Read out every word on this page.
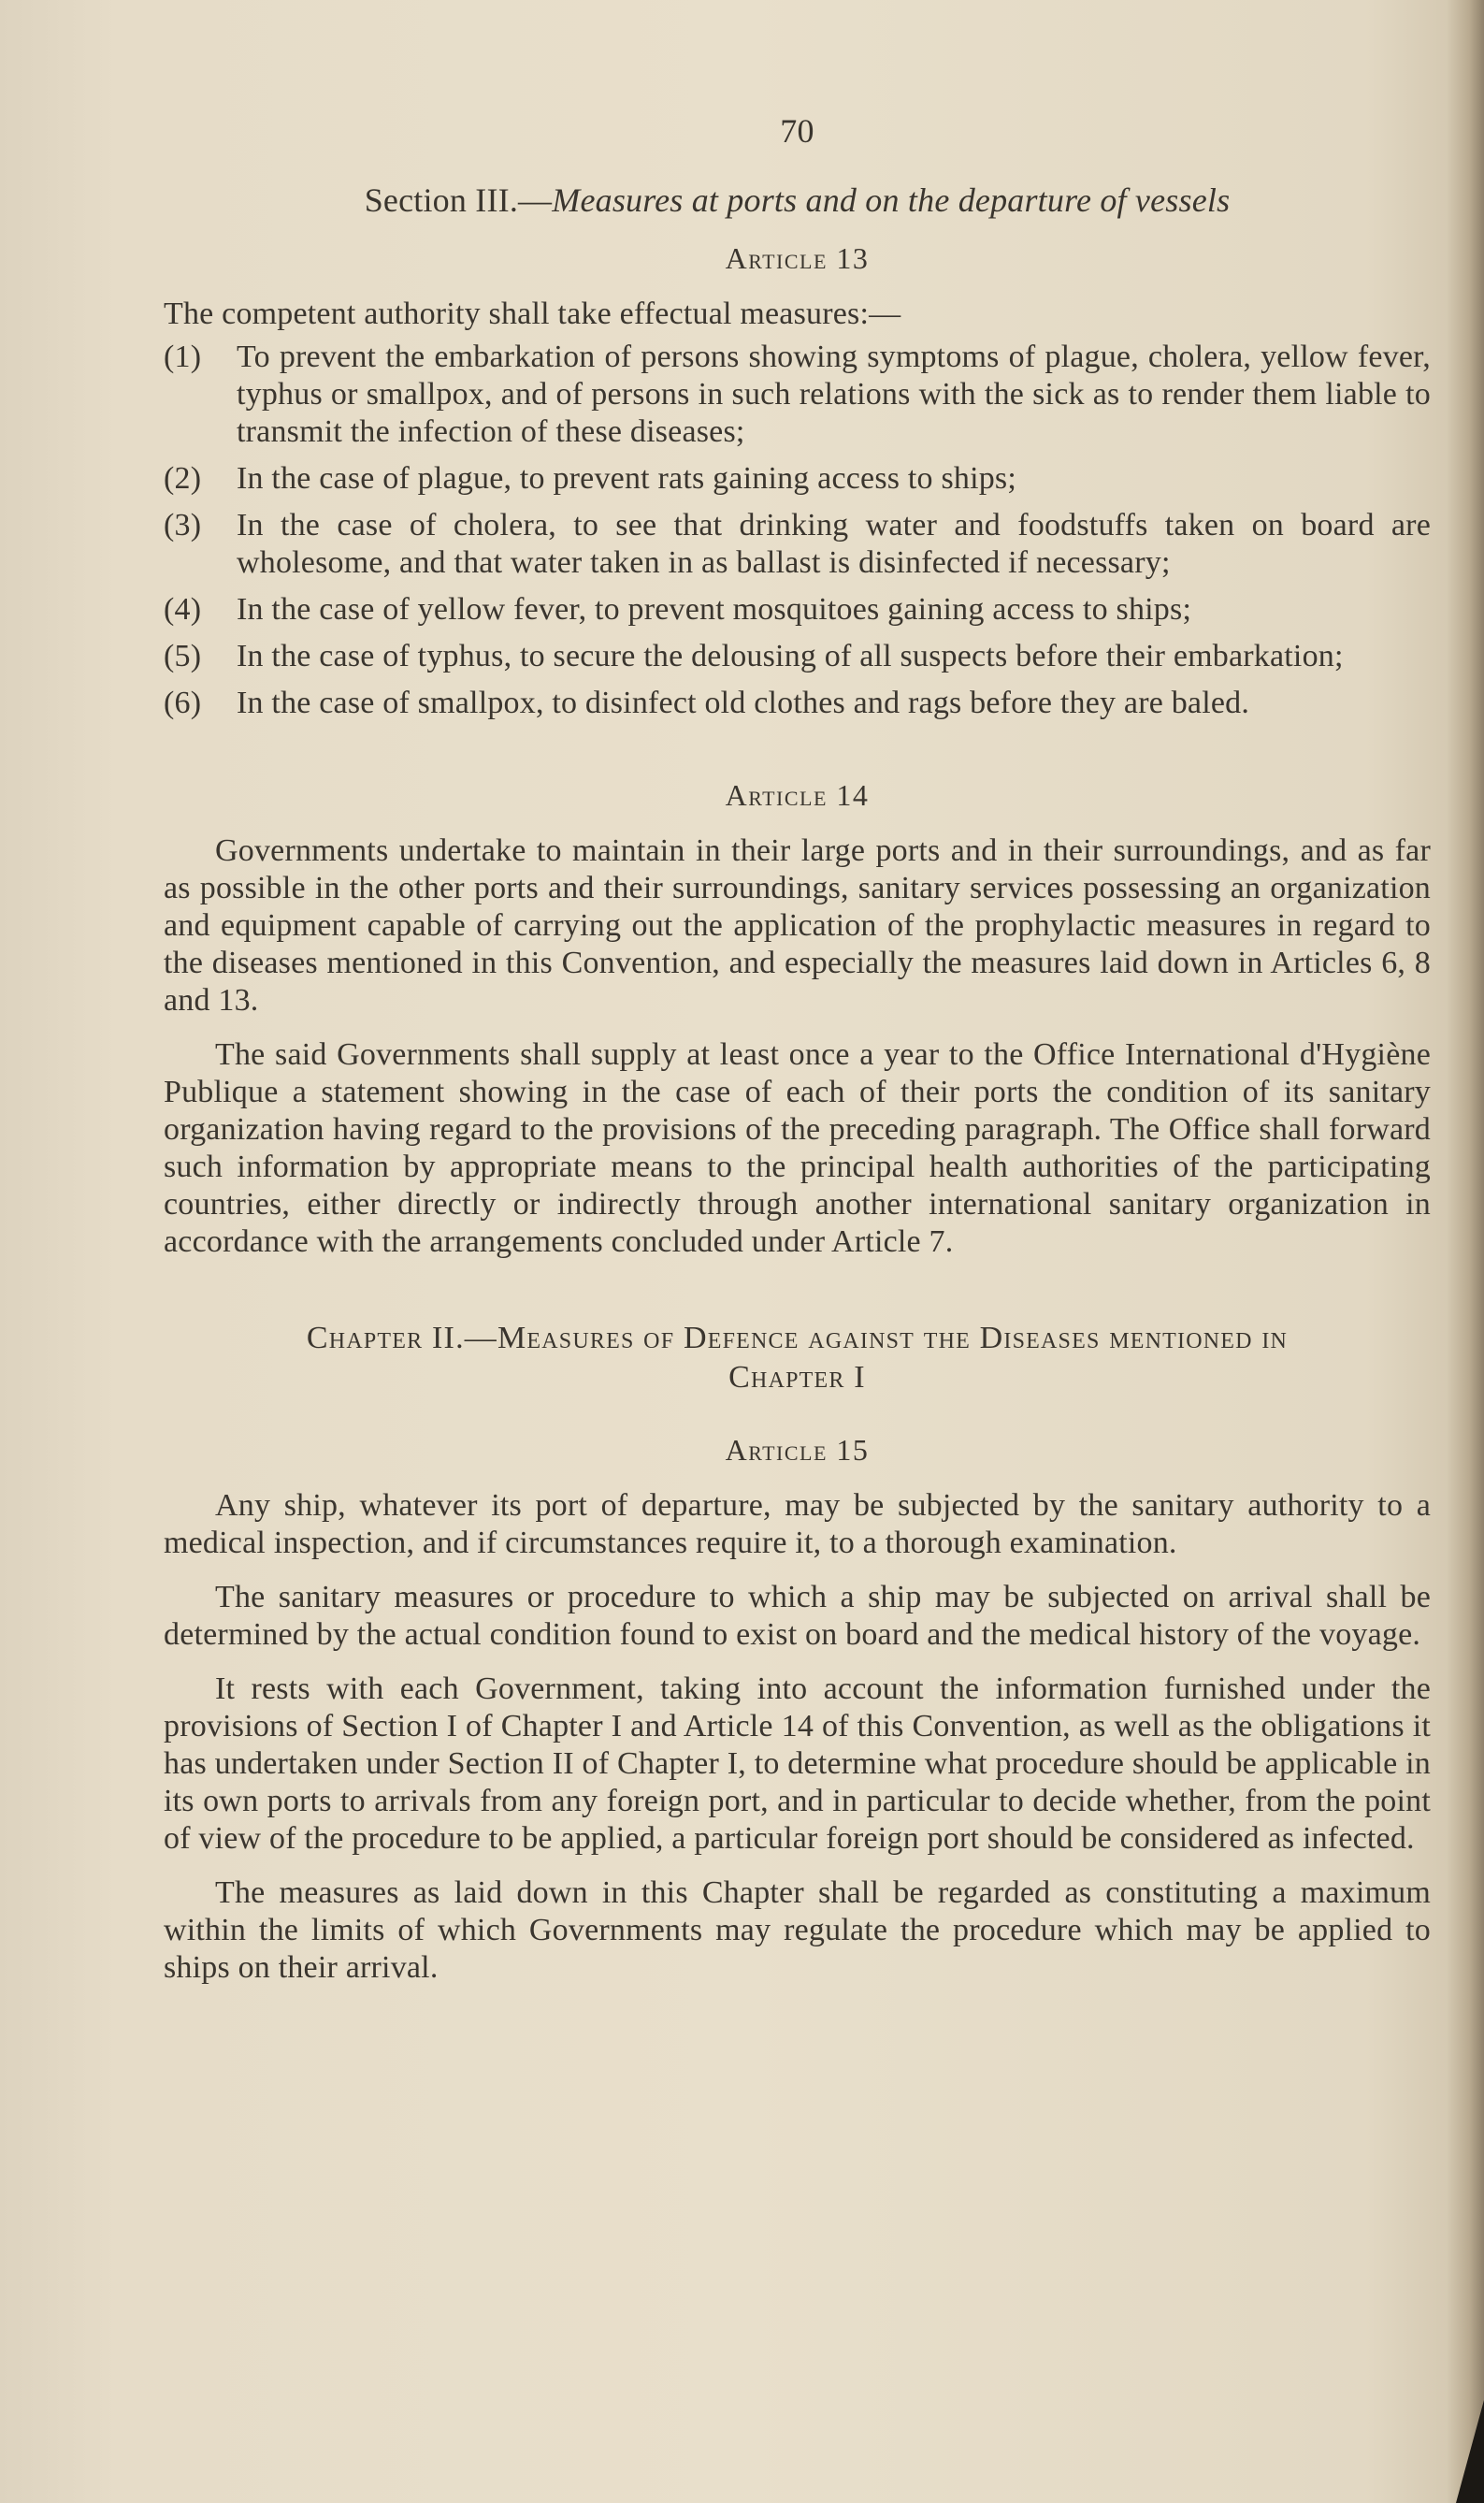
70

Section III.—Measures at ports and on the departure of vessels

Article 13

The competent authority shall take effectual measures:—

(1)	To prevent the embarkation of persons showing symptoms of plague, cholera, yellow fever, typhus or smallpox, and of persons in such relations with the sick as to render them liable to transmit the infection of these diseases;
(2)	In the case of plague, to prevent rats gaining access to ships;
(3)	In the case of cholera, to see that drinking water and foodstuffs taken on board are wholesome, and that water taken in as ballast is disinfected if necessary;
(4)	In the case of yellow fever, to prevent mosquitoes gaining access to ships;
(5)	In the case of typhus, to secure the delousing of all suspects before their embarkation;
(6)	In the case of smallpox, to disinfect old clothes and rags before they are baled.

Article 14

Governments undertake to maintain in their large ports and in their surroundings, and as far as possible in the other ports and their surroundings, sanitary services possessing an organization and equipment capable of carrying out the application of the prophylactic measures in regard to the diseases mentioned in this Convention, and especially the measures laid down in Articles 6, 8 and 13.

The said Governments shall supply at least once a year to the Office International d'Hygiène Publique a statement showing in the case of each of their ports the condition of its sanitary organization having regard to the provisions of the preceding paragraph. The Office shall forward such information by appropriate means to the principal health authorities of the participating countries, either directly or indirectly through another international sanitary organization in accordance with the arrangements concluded under Article 7.

Chapter II.—Measures of Defence against the Diseases mentioned in
Chapter I

Article 15

Any ship, whatever its port of departure, may be subjected by the sanitary authority to a medical inspection, and if circumstances require it, to a thorough examination.

The sanitary measures or procedure to which a ship may be subjected on arrival shall be determined by the actual condition found to exist on board and the medical history of the voyage.

It rests with each Government, taking into account the information furnished under the provisions of Section I of Chapter I and Article 14 of this Convention, as well as the obligations it has undertaken under Section II of Chapter I, to determine what procedure should be applicable in its own ports to arrivals from any foreign port, and in particular to decide whether, from the point of view of the procedure to be applied, a particular foreign port should be considered as infected.

The measures as laid down in this Chapter shall be regarded as constituting a maximum within the limits of which Governments may regulate the procedure which may be applied to ships on their arrival.
